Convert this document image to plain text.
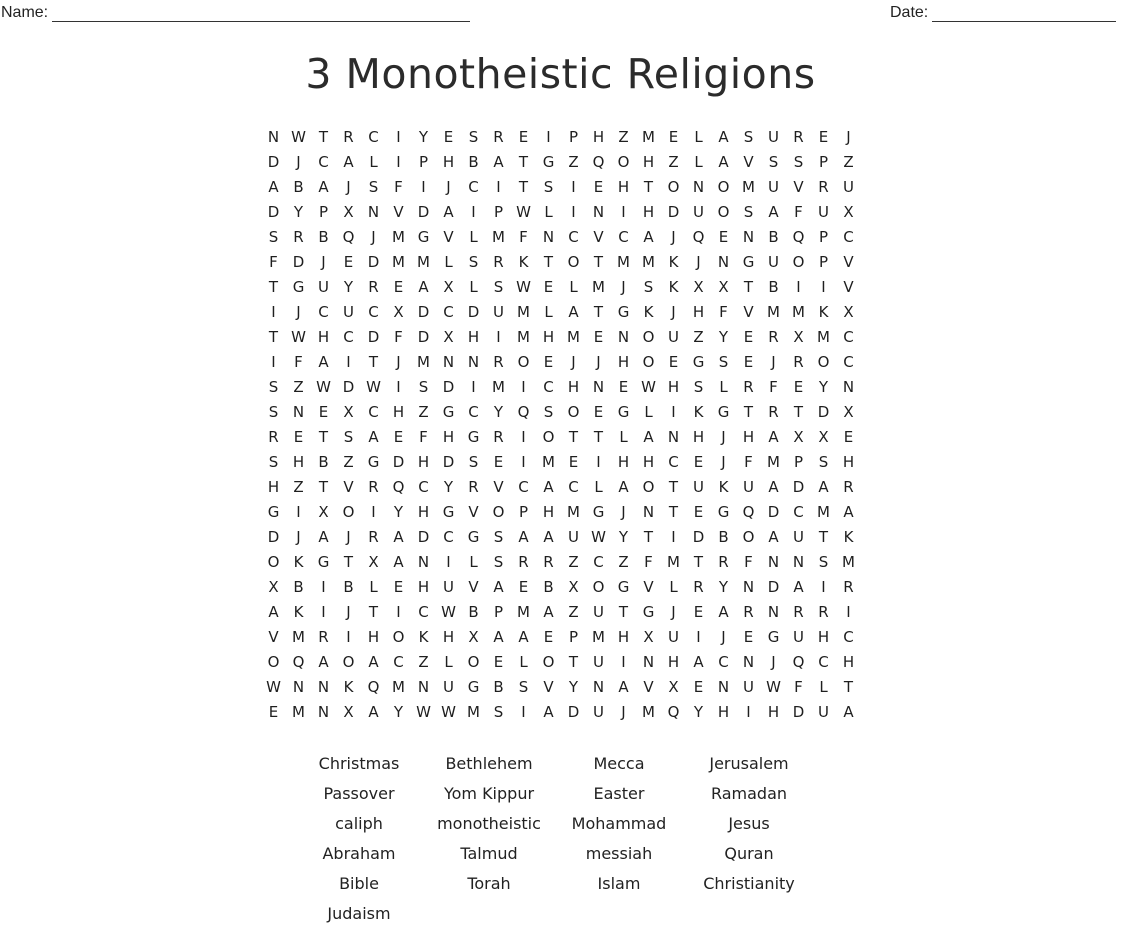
Name:	Date:
3 Monotheistic Religions
N W T	R C	I	Y	E	S	R	E	I	P H Z M E	L	A	S U R	E	J
D	J	C A	L	I	P H B A	T G Z Q O H Z	L	A V	S	S	P	Z
A B A	J	S	F	I	J	C	I	T	S	I	E H T O N O M U V R U
D Y	P	X N V D A	I	P W L	I	N	I	H D U O S	A	F	U X
S	R B Q	J	M G V	L M F	N C V C A	J	Q E N B Q P	C
F D	J	E D M M L	S	R K	T O T M M K	J	N G U O P	V
T G U Y	R	E	A X	L	S W E	L M	J	S	K X X	T	B	I	I	V
I	J	C U C X D C D U M L	A	T G K	J	H	F	V M M K X
T W H C D F D X H	I	M H M E N O U Z	Y	E	R X M C
I	F	A	I	T	J	M N N R O E	J	J	H O E G S	E	J	R O C
S	Z W D W	I	S D	I	M	I	C H N E W H S	L	R	F	E	Y N
S N E	X C H Z G C	Y Q S O E G	L	I	K G T	R	T D X
R	E	T	S	A	E	F	H G R	I	O T	T	L	A N H	J	H A X X	E
S H B Z G D H D S	E	I	M E	I	H H C	E	J	F M P	S H
H Z	T	V R Q C	Y	R V C A C	L	A O T U K U A D A R
G	I	X O	I	Y H G V O P H M G	J	N T	E G Q D C M A
D	J	A	J	R A D C G S	A A U W Y	T	I	D B O A U T	K
O K G T	X A N	I	L	S	R R Z C Z	F M T	R	F	N N S M
X B	I	B	L	E H U V A	E	B X O G V	L	R	Y N D A	I	R
A K	I	J	T	I	C W B	P M A Z U T G	J	E	A R N R R	I
V M R	I	H O K H X A A	E	P M H X U	I	J	E G U H C
O Q A O A C Z	L O E	L O T U	I	N H A C N	J	Q C H
W N N K Q M N U G B	S	V	Y N A V X	E N U W F	L	T
E M N X A	Y W W M S	I	A D U	J	M Q Y H	I	H D U A
Christmas	Bethlehem	Mecca	Jerusalem
Passover	Yom Kippur	Easter	Ramadan
caliph	monotheistic	Mohammad	Jesus
Abraham	Talmud	messiah	Quran
Bible	Torah	Islam	Christianity
Judaism
